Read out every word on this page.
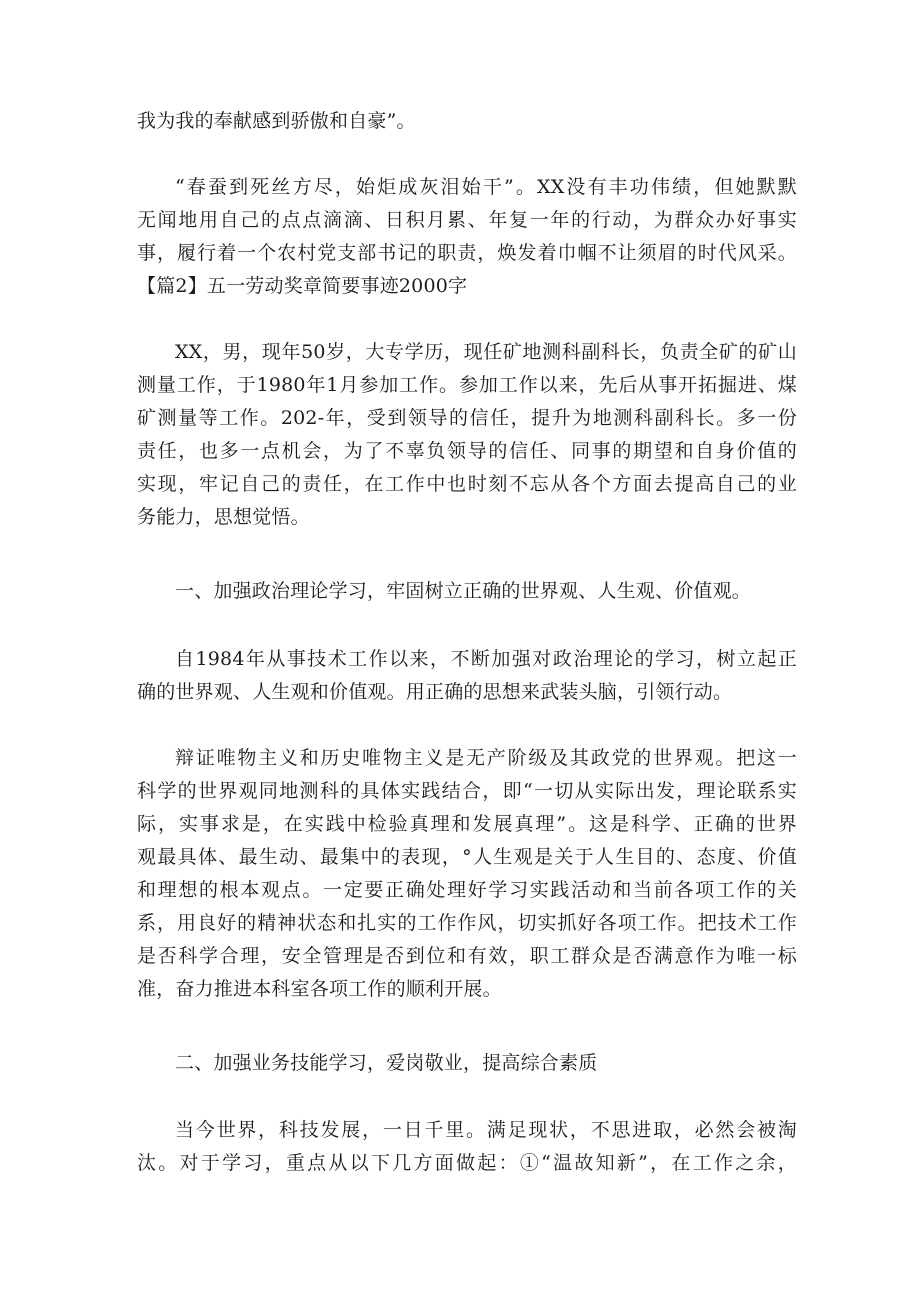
我为我的奉献感到骄傲和自豪”。
“春蚕到死丝方尽，始炬成灰泪始干”。XX没有丰功伟绩，但她默默
无闻地用自己的点点滴滴、日积月累、年复一年的行动，为群众办好事实
事，履行着一个农村党支部书记的职责，焕发着巾帼不让须眉的时代风采。
【篇2】五一劳动奖章简要事迹2000字
XX，男，现年50岁，大专学历，现任矿地测科副科长，负责全矿的矿山
测量工作，于1980年1月参加工作。参加工作以来，先后从事开拓掘进、煤
矿测量等工作。202-年，受到领导的信任，提升为地测科副科长。多一份
责任，也多一点机会，为了不辜负领导的信任、同事的期望和自身价值的
实现，牢记自己的责任，在工作中也时刻不忘从各个方面去提高自己的业
务能力，思想觉悟。
一、加强政治理论学习，牢固树立正确的世界观、人生观、价值观。
自1984年从事技术工作以来，不断加强对政治理论的学习，树立起正
确的世界观、人生观和价值观。用正确的思想来武装头脑，引领行动。
辩证唯物主义和历史唯物主义是无产阶级及其政党的世界观。把这一
科学的世界观同地测科的具体实践结合，即“一切从实际出发，理论联系实
际，实事求是，在实践中检验真理和发展真理”。这是科学、正确的世界
观最具体、最生动、最集中的表现，°人生观是关于人生目的、态度、价值
和理想的根本观点。一定要正确处理好学习实践活动和当前各项工作的关
系，用良好的精神状态和扎实的工作作风，切实抓好各项工作。把技术工作
是否科学合理，安全管理是否到位和有效，职工群众是否满意作为唯一标
准，奋力推进本科室各项工作的顺利开展。
二、加强业务技能学习，爱岗敬业，提高综合素质
当今世界，科技发展，一日千里。满足现状，不思进取，必然会被淘
汰。对于学习，重点从以下几方面做起：①“温故知新”，在工作之余，
